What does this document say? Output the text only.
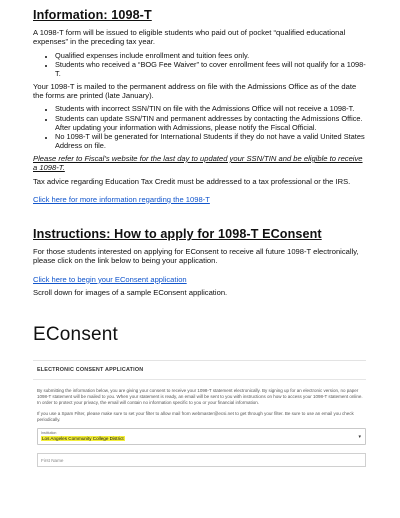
Information: 1098-T

A 1098-T form will be issued to eligible students who paid out of pocket “qualified educational expenses” in the preceding tax year.

• Qualified expenses include enrollment and tuition fees only.
• Students who received a “BOG Fee Waiver” to cover enrollment fees will not qualify for a 1098-T.

Your 1098-T is mailed to the permanent address on file with the Admissions Office as of the date the forms are printed (late January).

• Students with incorrect SSN/TIN on file with the Admissions Office will not receive a 1098-T.
• Students can update SSN/TIN and permanent addresses by contacting the Admissions Office. After updating your information with Admissions, please notify the Fiscal Official.
• No 1098-T will be generated for International Students if they do not have a valid United States Address on file.

Please refer to Fiscal’s website for the last day to updated your SSN/TIN and be eligible to receive a 1098-T.

Tax advice regarding Education Tax Credit must be addressed to a tax professional or the IRS.

Click here for more information regarding the 1098-T
Instructions: How to apply for 1098-T EConsent

For those students interested on applying for EConsent to receive all future 1098-T electronically, please click on the link below to being your application.

Click here to begin your EConsent application

Scroll down for images of a sample EConsent application.

EConsent
ELECTRONIC CONSENT APPLICATION
By submitting the information below, you are giving your consent to receive your 1098-T statement electronically. By signing up for an electronic version, no paper 1098-T statement will be mailed to you. When your statement is ready, an email will be sent to you with instructions on how to access your 1098-T statement online. In order to protect your privacy, the email will contain no information specific to you or your financial information.
If you use a Spam Filter, please make sure to set your filter to allow mail from webmaster@ecsi.net to get through your filter. Be sure to use an email you check periodically.
Institution
Los Angeles Community College District	▾
First Name
